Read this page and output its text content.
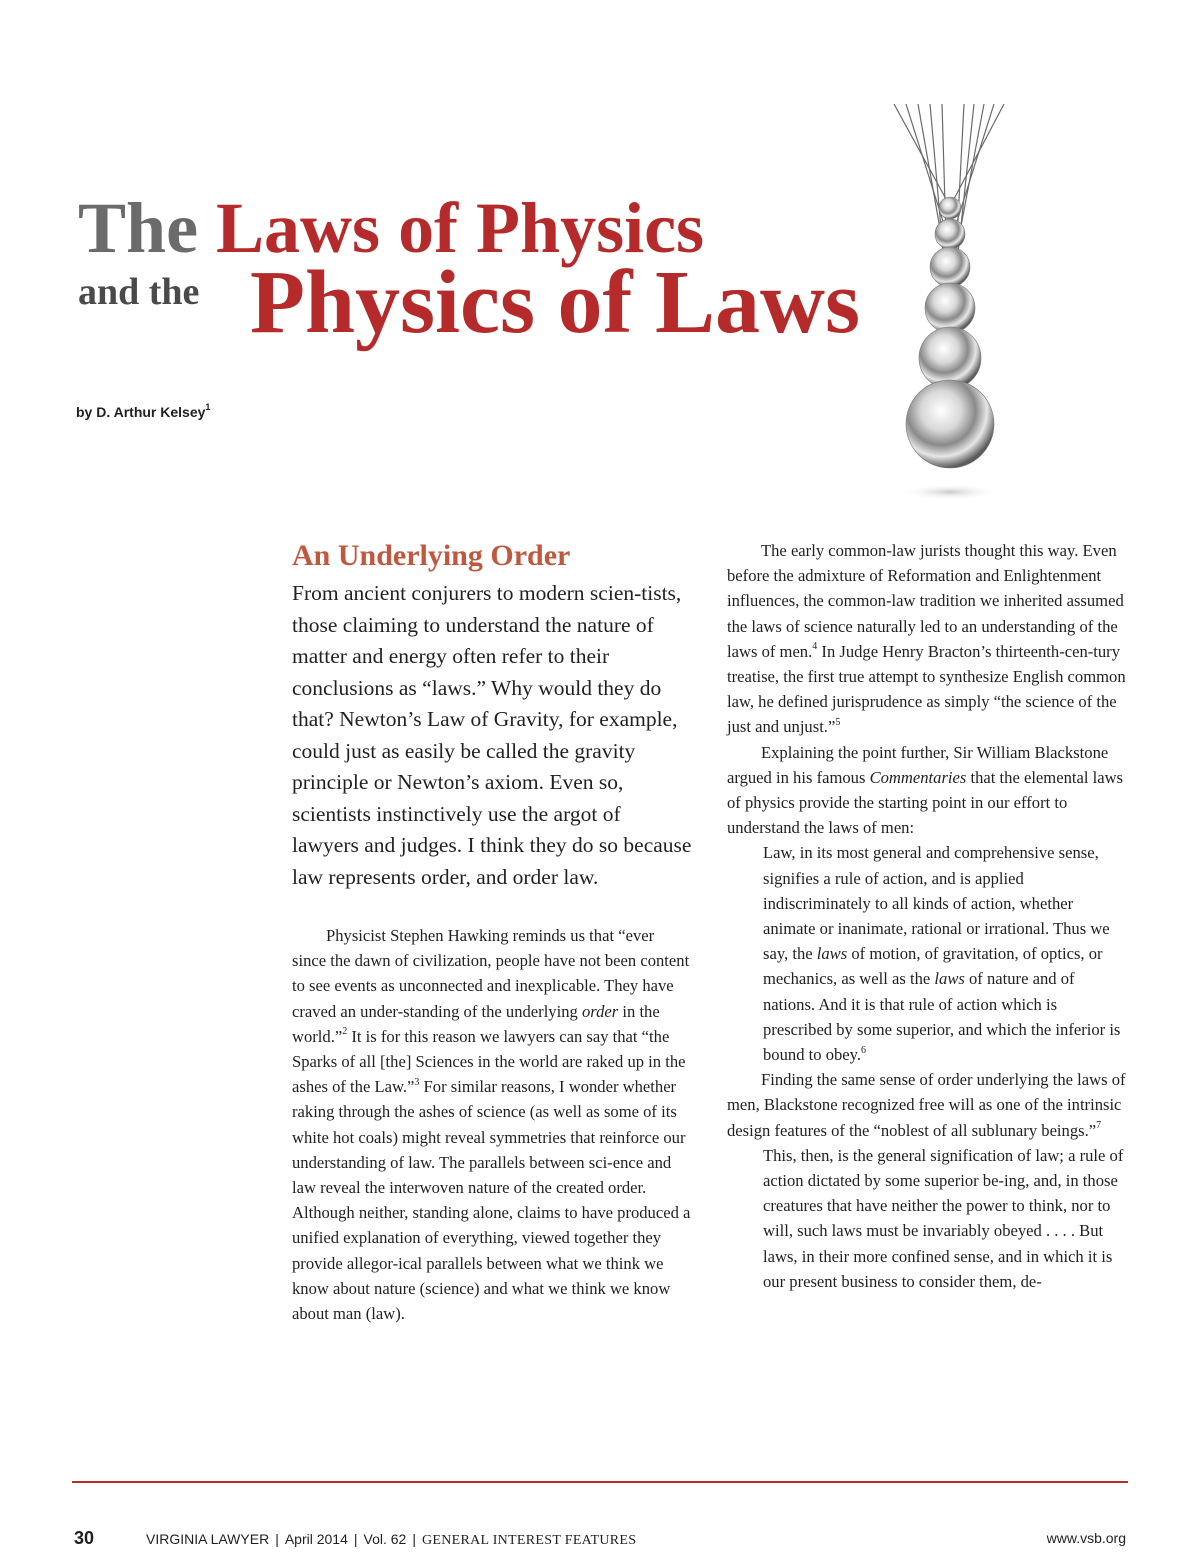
The Laws of Physics
and the Physics of Laws
by D. Arthur Kelsey$^1$
An Underlying Order

From ancient conjurers to modern scien-tists, those claiming to understand the nature of matter and energy often refer to their conclusions as “laws.” Why would they do that? Newton’s Law of Gravity, for example, could just as easily be called the gravity principle or Newton’s axiom. Even so, scientists instinctively use the argot of lawyers and judges. I think they do so because law represents order, and order law.

Physicist Stephen Hawking reminds us that “ever since the dawn of civilization, people have not been content to see events as unconnected and inexplicable. They have craved an under-standing of the underlying order in the world.”$^2$ It is for this reason we lawyers can say that “the Sparks of all [the] Sciences in the world are raked up in the ashes of the Law.”$^3$ For similar reasons, I wonder whether raking through the ashes of science (as well as some of its white hot coals) might reveal symmetries that reinforce our understanding of law. The parallels between sci-ence and law reveal the interwoven nature of the created order. Although neither, standing alone, claims to have produced a unified explanation of everything, viewed together they provide allegor-ical parallels between what we think we know about nature (science) and what we think we know about man (law).

The early common-law jurists thought this way. Even before the admixture of Reformation and Enlightenment influences, the common-law tradition we inherited assumed the laws of science naturally led to an understanding of the laws of men.$^4$ In Judge Henry Bracton’s thirteenth-cen-tury treatise, the first true attempt to synthesize English common law, he defined jurisprudence as simply “the science of the just and unjust.”$^5$

Explaining the point further, Sir William Blackstone argued in his famous Commentaries that the elemental laws of physics provide the starting point in our effort to understand the laws of men:

Law, in its most general and comprehensive sense, signifies a rule of action, and is applied indiscriminately to all kinds of action, whether animate or inanimate, rational or irrational. Thus we say, the laws of motion, of gravitation, of optics, or mechanics, as well as the laws of nature and of nations. And it is that rule of action which is prescribed by some superior, and which the inferior is bound to obey.$^6$

Finding the same sense of order underlying the laws of men, Blackstone recognized free will as one of the intrinsic design features of the “noblest of all sublunary beings.”$^7$

This, then, is the general signification of law; a rule of action dictated by some superior be-ing, and, in those creatures that have neither the power to think, nor to will, such laws must be invariably obeyed . . . . But laws, in their more confined sense, and in which it is our present business to consider them, de-

30	VIRGINIA LAWYER | April 2014 | Vol. 62 | GENERAL INTEREST FEATURES	www.vsb.org
